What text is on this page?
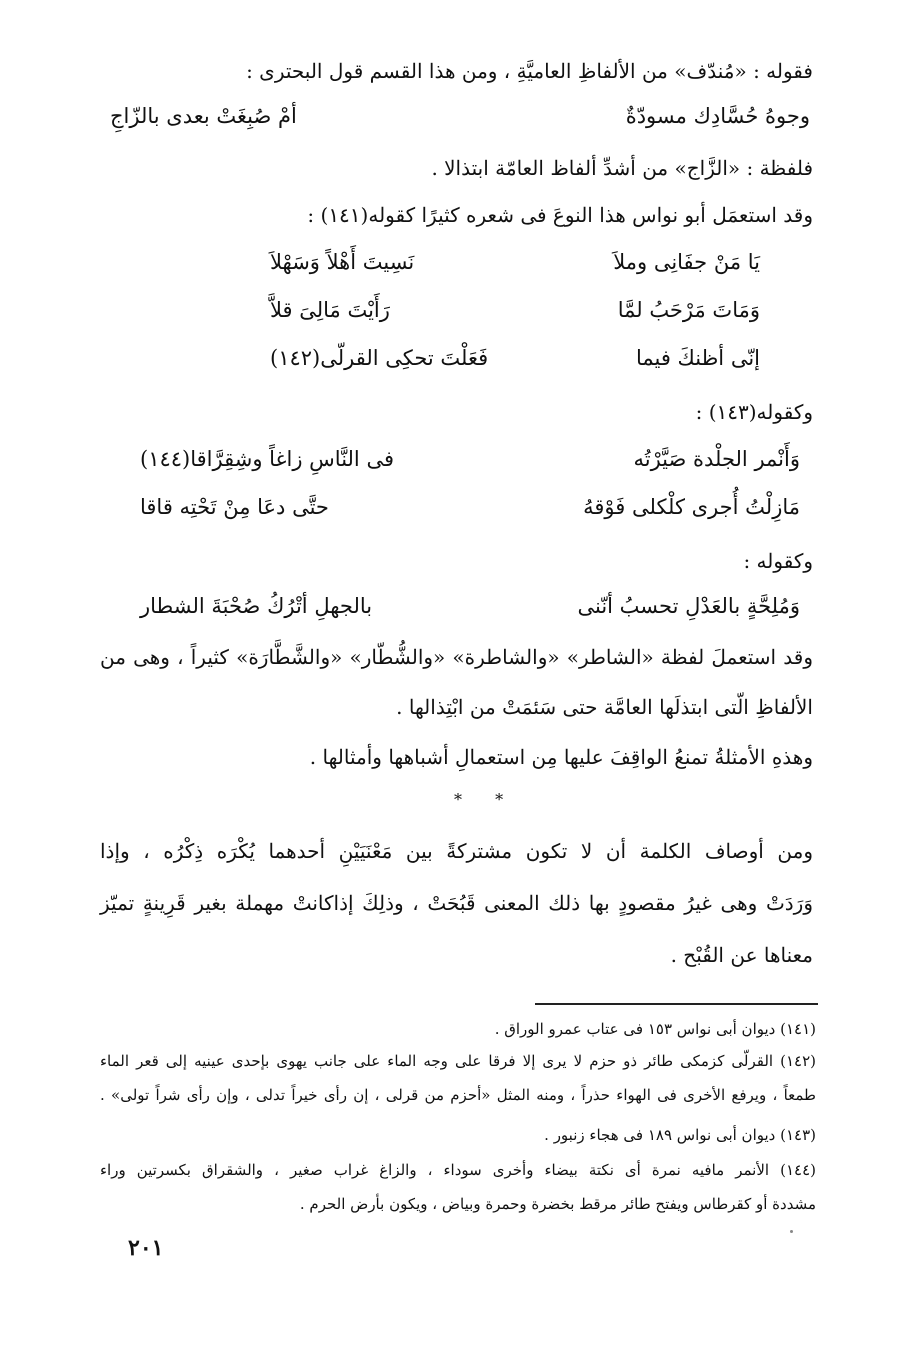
فقوله : «مُندّف» من الألفاظِ العاميَّةِ ، ومن هذا القسم قول البحترى :
وجوهُ حُسَّادِك مسودّةٌ
أمْ صُبِغَتْ بعدى بالزّاجِ
فلفظة : «الزَّاج» من أشدِّ ألفاظ العامّة ابتذالا .
وقد استعمَل أبو نواس هذا النوعَ فى شعره كثيرًا كقوله(١٤١) :
يَا مَنْ جفَانِى وملاَ
نَسِيتَ أَهْلاً وَسَهْلاَ
وَمَاتَ مَرْحَبُ لمَّا
رَأَيْتَ مَالِىَ قلاَّ
إنّى أظنكَ فيما
فَعَلْتَ تحكِى القرلّى(١٤٢)
وكقوله(١٤٣) :
وَأَنْمر الجلْدة صَيَّرْتُه
فى النَّاسِ زاغاً وشِقِرَّاقا(١٤٤)
مَازِلْتُ أُجرى كلْكلى فَوْقهُ
حتَّى دعَا مِنْ تَحْتِه قاقا
وكقوله :
وَمُلِحَّةٍ بالعَدْلِ تحسبُ أنّنى
بالجهلِ أتْرُكُ صُحْبَةَ الشطار
وقد استعملَ لفظة «الشاطر» «والشاطرة» «والشُّطّار» «والشَّطَّارَة» كثيراً ، وهى من
الألفاظِ الّتى ابتذلَها العامَّة حتى سَئمَتْ من ابْتِذالها .
وهذهِ الأمثلةُ تمنعُ الواقِفَ عليها مِن استعمالِ أشباهها وأمثالها .
* *
ومن أوصاف الكلمة أن لا تكون مشتركةً بين مَعْنَيَيْنِ أحدهما يُكْرَه ذِكْرُه ، وإذا
وَرَدَتْ وهى غيرُ مقصودٍ بها ذلك المعنى قَبُحَتْ ، وذلِكَ إذاكانتْ مهملة بغير قَرِينةٍ تميّز
معناها عن القُبْح .
(١٤١) ديوان أبى نواس ١٥٣ فى عتاب عمرو الوراق .
(١٤٢) القرلّى كزمكى طائر ذو حزم لا يرى إلا فرقا على وجه الماء على جانب يهوى بإحدى عينيه إلى قعر الماء
طمعاً ، ويرفع الأخرى فى الهواء حذراً ، ومنه المثل «أحزم من قرلى ، إن رأى خيراً تدلى ، وإن رأى شراً تولى» .
(١٤٣) ديوان أبى نواس ١٨٩ فى هجاء زنبور .
(١٤٤) الأنمر مافيه نمرة أى نكتة بيضاء وأخرى سوداء ، والزاغ غراب صغير ، والشقراق بكسرتين وراء
مشددة أو كقرطاس ويفتح طائر مرقط بخضرة وحمرة وبياض ، ويكون بأرض الحرم .
٢٠١
